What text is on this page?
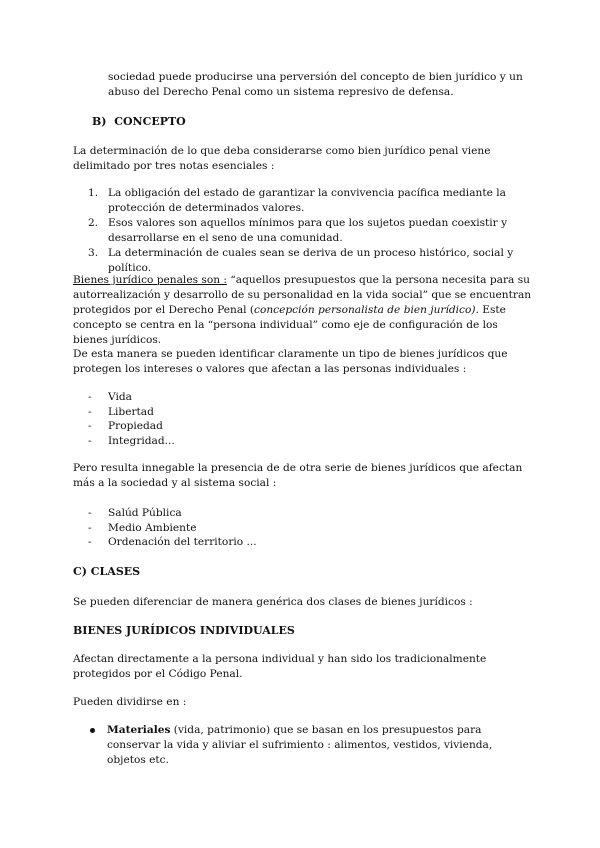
sociedad puede producirse una perversión del concepto de bien jurídico y un abuso del Derecho Penal como un sistema represivo de defensa.
B) CONCEPTO
La determinación de lo que deba considerarse como bien jurídico penal viene delimitado por tres notas esenciales :
1. La obligación del estado de garantizar la convivencia pacífica mediante la protección de determinados valores.
2. Esos valores son aquellos mínimos para que los sujetos puedan coexistir y desarrollarse en el seno de una comunidad.
3. La determinación de cuales sean se deriva de un proceso histórico, social y político.
Bienes jurídico penales son : “aquellos presupuestos que la persona necesita para su autorrealización y desarrollo de su personalidad en la vida social” que se encuentran protegidos por el Derecho Penal (concepción personalista de bien jurídico). Este concepto se centra en la “persona individual” como eje de configuración de los bienes jurídicos.
De esta manera se pueden identificar claramente un tipo de bienes jurídicos que protegen los intereses o valores que afectan a las personas individuales :
- Vida
- Libertad
- Propiedad
- Integridad...
Pero resulta innegable la presencia de de otra serie de bienes jurídicos que afectan más a la sociedad y al sistema social :
- Salúd Pública
- Medio Ambiente
- Ordenación del territorio ...
C) CLASES
Se pueden diferenciar de manera genérica dos clases de bienes jurídicos :
BIENES JURÍDICOS INDIVIDUALES
Afectan directamente a la persona individual y han sido los tradicionalmente protegidos por el Código Penal.
Pueden dividirse en :
Materiales (vida, patrimonio) que se basan en los presupuestos para conservar la vida y aliviar el sufrimiento : alimentos, vestidos, vivienda, objetos etc.
